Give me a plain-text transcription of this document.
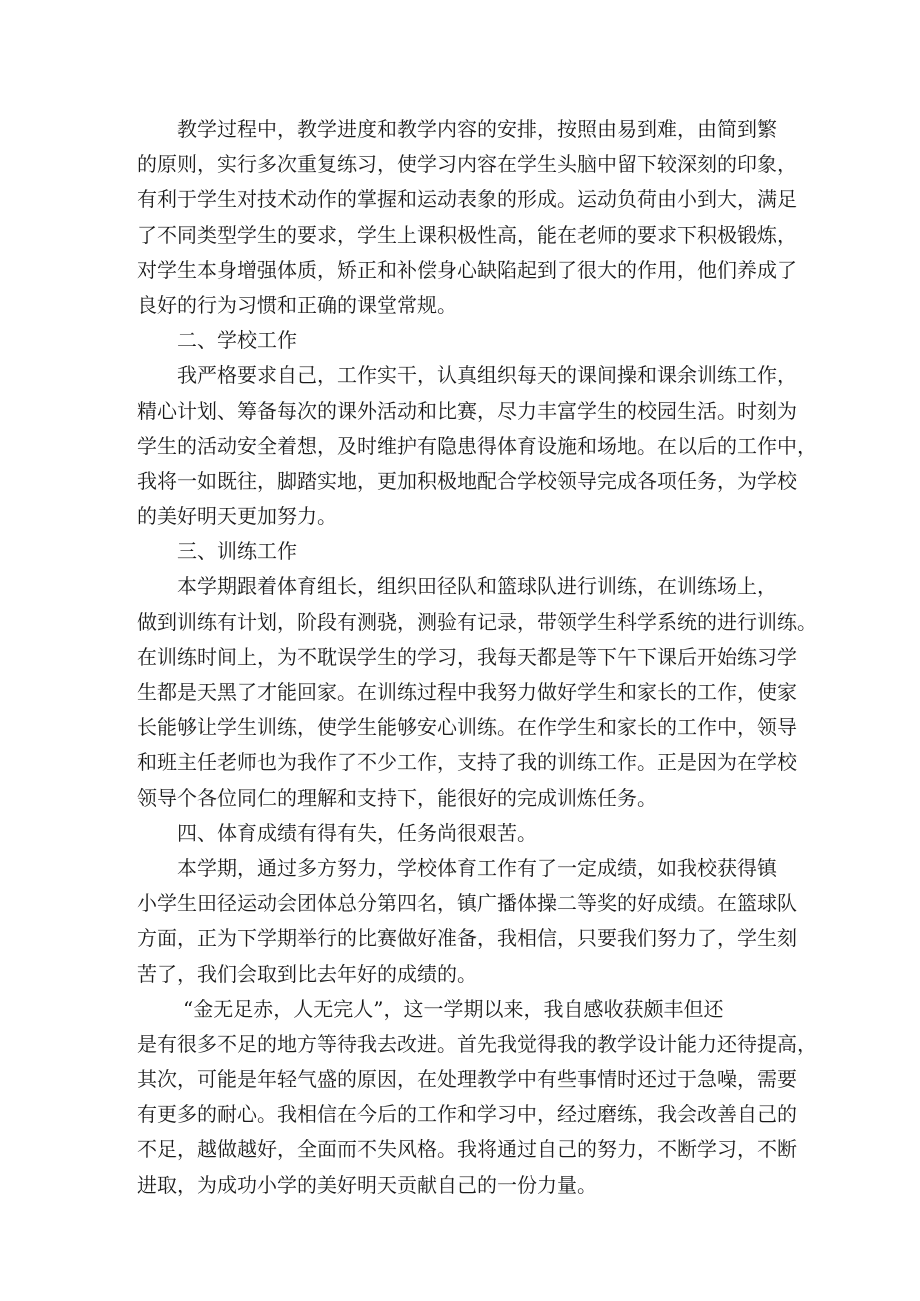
教学过程中，教学进度和教学内容的安排，按照由易到难，由简到繁
的原则，实行多次重复练习，使学习内容在学生头脑中留下较深刻的印象，
有利于学生对技术动作的掌握和运动表象的形成。运动负荷由小到大，满足
了不同类型学生的要求，学生上课积极性高，能在老师的要求下积极锻炼，
对学生本身增强体质，矫正和补偿身心缺陷起到了很大的作用，他们养成了
良好的行为习惯和正确的课堂常规。
二、学校工作
我严格要求自己，工作实干，认真组织每天的课间操和课余训练工作，
精心计划、筹备每次的课外活动和比赛，尽力丰富学生的校园生活。时刻为
学生的活动安全着想，及时维护有隐患得体育设施和场地。在以后的工作中，
我将一如既往，脚踏实地，更加积极地配合学校领导完成各项任务，为学校
的美好明天更加努力。
三、训练工作
本学期跟着体育组长，组织田径队和篮球队进行训练，在训练场上，
做到训练有计划，阶段有测骁，测验有记录，带领学生科学系统的进行训练。
在训练时间上，为不耽误学生的学习，我每天都是等下午下课后开始练习学
生都是天黑了才能回家。在训练过程中我努力做好学生和家长的工作，使家
长能够让学生训练，使学生能够安心训练。在作学生和家长的工作中，领导
和班主任老师也为我作了不少工作，支持了我的训练工作。正是因为在学校
领导个各位同仁的理解和支持下，能很好的完成训炼任务。
四、体育成绩有得有失，任务尚很艰苦。
本学期，通过多方努力，学校体育工作有了一定成绩，如我校获得镇
小学生田径运动会团体总分第四名，镇广播体操二等奖的好成绩。在篮球队
方面，正为下学期举行的比赛做好准备，我相信，只要我们努力了，学生刻
苦了，我们会取到比去年好的成绩的。
“金无足赤，人无完人”，这一学期以来，我自感收获颇丰但还
是有很多不足的地方等待我去改进。首先我觉得我的教学设计能力还待提高，
其次，可能是年轻气盛的原因，在处理教学中有些事情时还过于急噪，需要
有更多的耐心。我相信在今后的工作和学习中，经过磨练，我会改善自己的
不足，越做越好，全面而不失风格。我将通过自己的努力，不断学习，不断
进取，为成功小学的美好明天贡献自己的一份力量。
